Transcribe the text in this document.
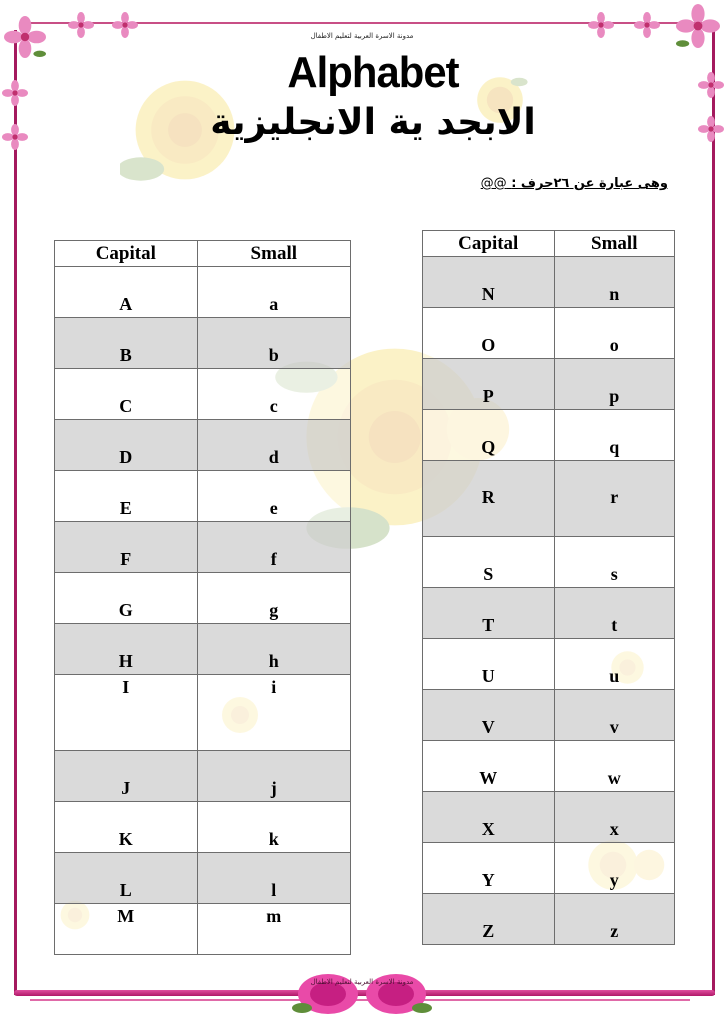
مدونة الاسرة العربية لتعليم الاطفال
Alphabet
الابجد ية الانجليزية
وهى عبارة عن ٢٦حرف : @@
Capital	Small
A	a
B	b
C	c
D	d
E	e
F	f
G	g
H	h
I	i
J	j
K	k
L	l
M	m
Capital	Small
N	n
O	o
P	p
Q	q
R	r
S	s
T	t
U	u
V	v
W	w
X	x
Y	y
Z	z
مدونة الاسرة العربية لتعليم الاطفال
